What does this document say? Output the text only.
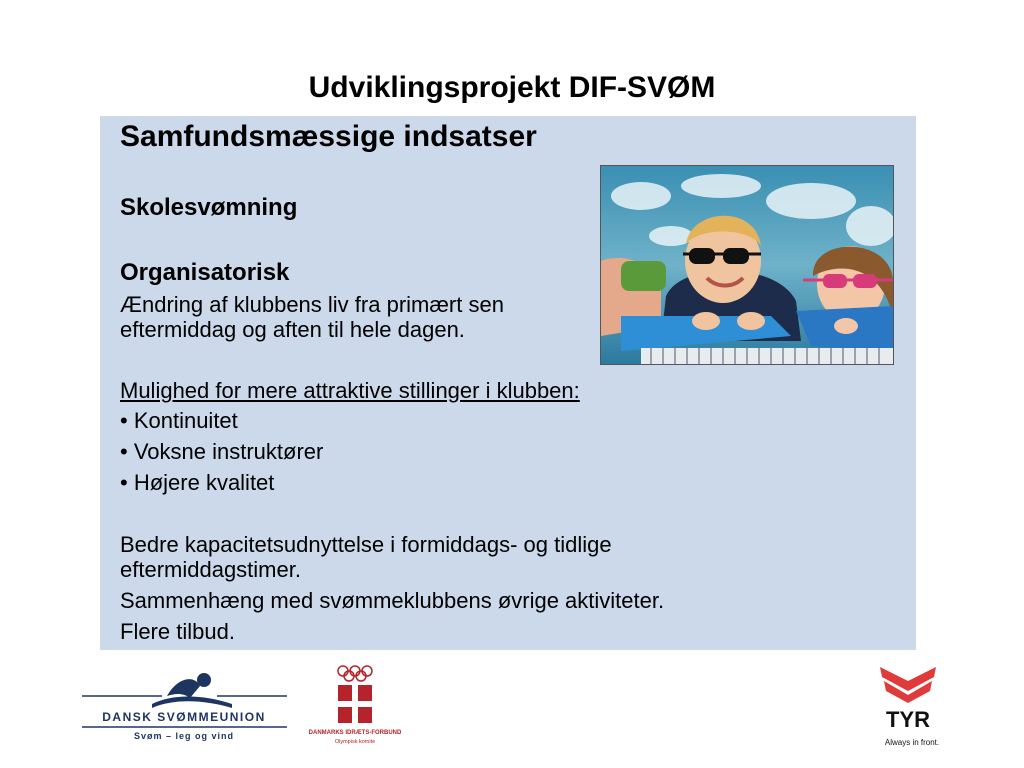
Udviklingsprojekt DIF-SVØM
Samfundsmæssige indsatser
Skolesvømning
Organisatorisk
Ændring af klubbens liv fra primært sen
eftermiddag og aften til hele dagen.
Mulighed for mere attraktive stillinger i klubben:
• Kontinuitet
• Voksne instruktører
• Højere kvalitet
Bedre kapacitetsudnyttelse i formiddags- og tidlige
eftermiddagstimer.
Sammenhæng med svømmeklubbens øvrige aktiviteter.
Flere tilbud.
DANSK SVØMMEUNION
Svøm – leg og vind	DANMARKS IDRÆTS-FORBUND
Olympisk komite
TYR
Always in front.
